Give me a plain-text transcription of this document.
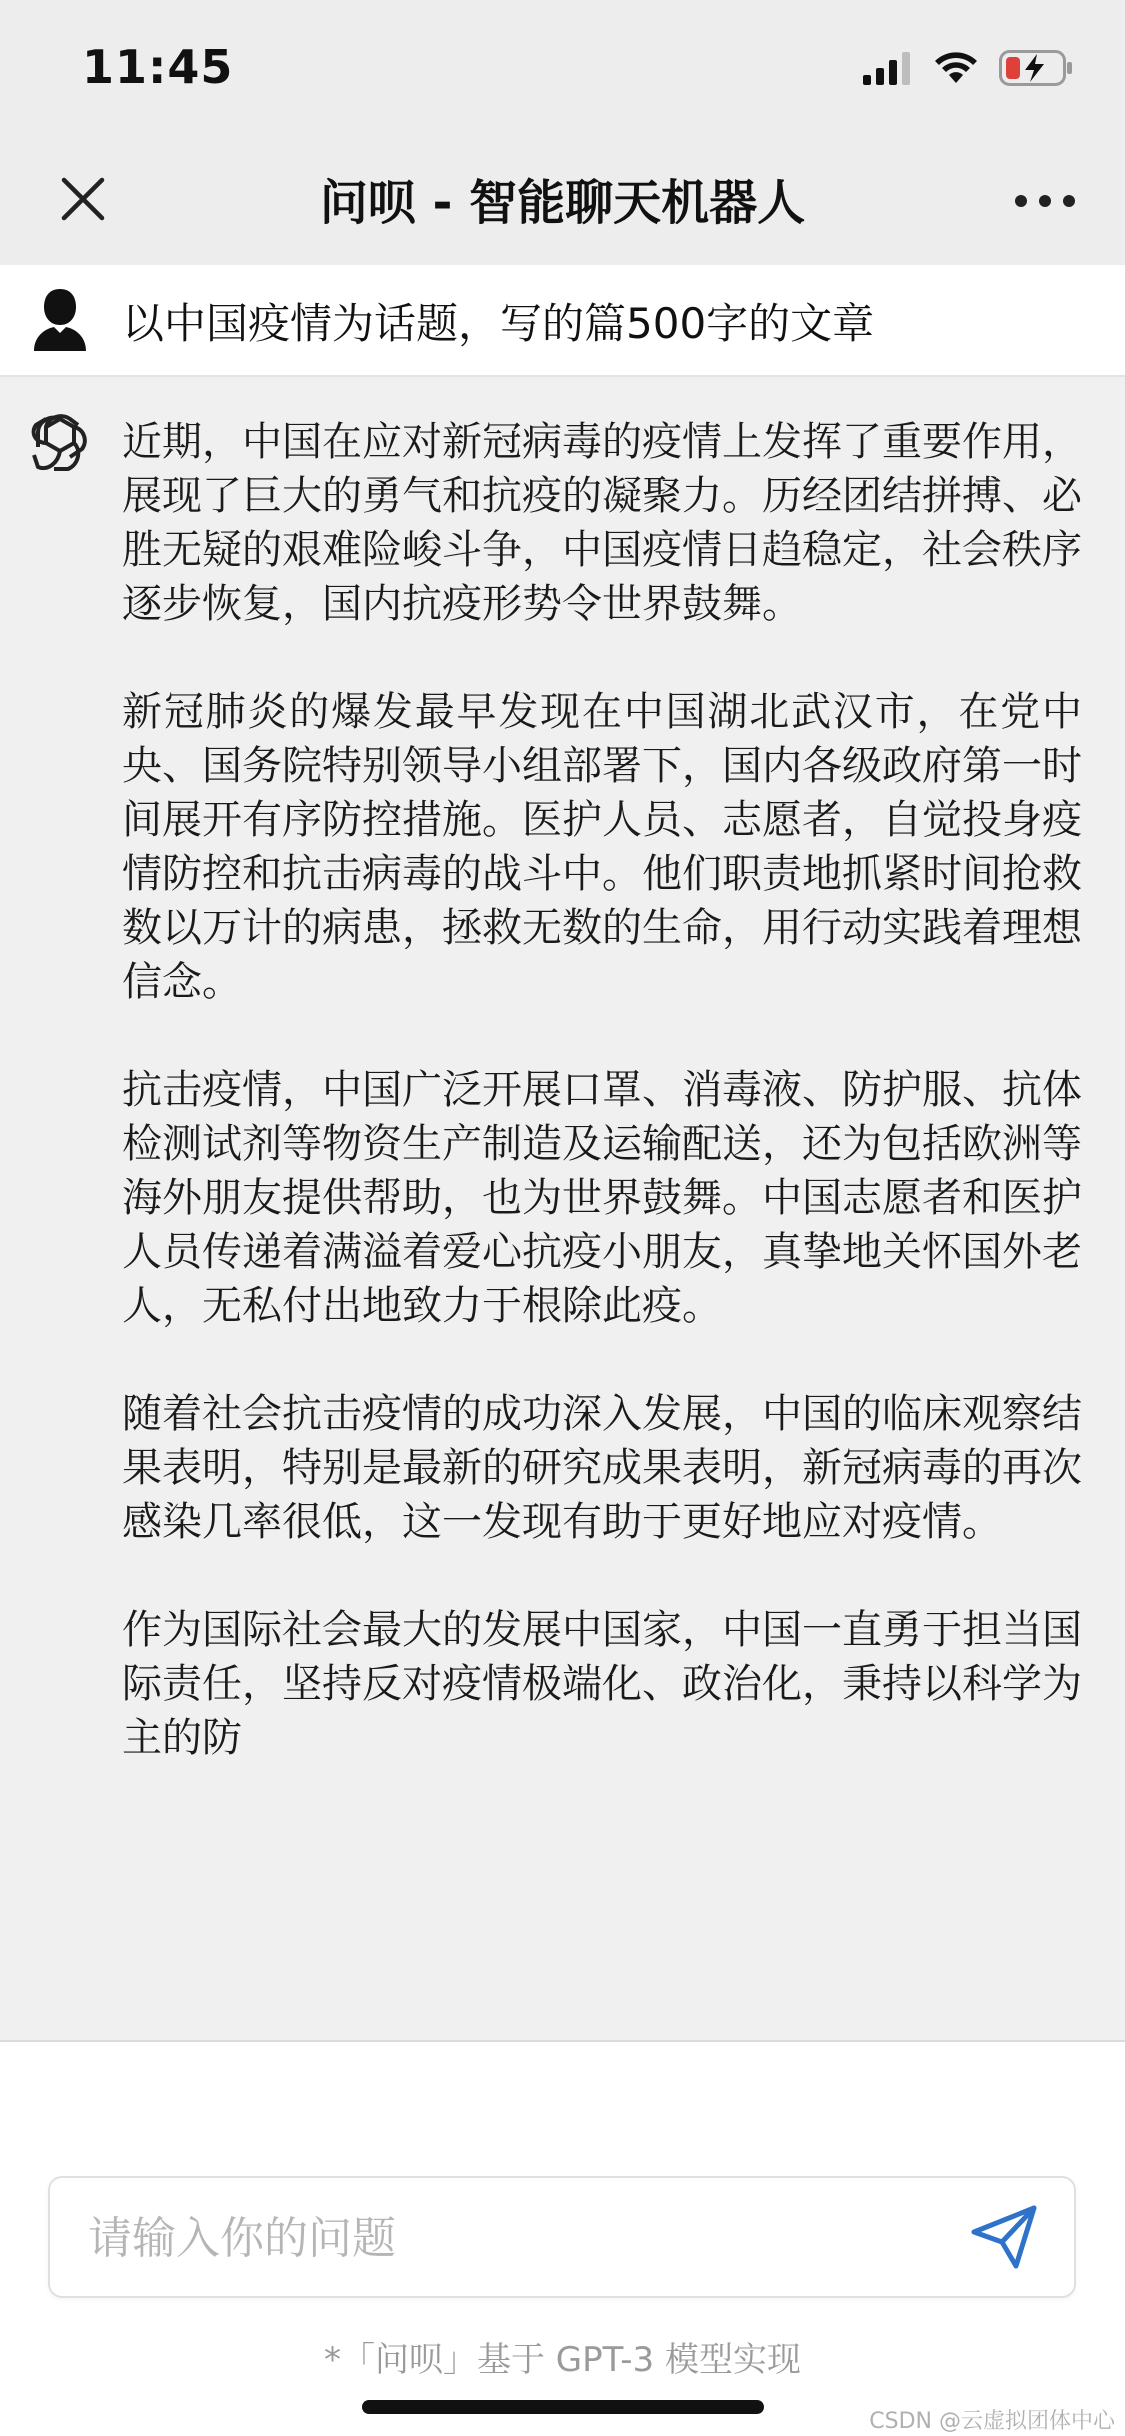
11:45
问呗 - 智能聊天机器人
以中国疫情为话题，写的篇500字的文章

近期，中国在应对新冠病毒的疫情上发挥了重要作用，展现了巨大的勇气和抗疫的凝聚力。历经团结拼搏、必胜无疑的艰难险峻斗争，中国疫情日趋稳定，社会秩序逐步恢复，国内抗疫形势令世界鼓舞。

新冠肺炎的爆发最早发现在中国湖北武汉市，在党中央、国务院特别领导小组部署下，国内各级政府第一时间展开有序防控措施。医护人员、志愿者，自觉投身疫情防控和抗击病毒的战斗中。他们职责地抓紧时间抢救数以万计的病患，拯救无数的生命，用行动实践着理想信念。

抗击疫情，中国广泛开展口罩、消毒液、防护服、抗体检测试剂等物资生产制造及运输配送，还为包括欧洲等海外朋友提供帮助，也为世界鼓舞。中国志愿者和医护人员传递着满溢着爱心抗疫小朋友，真挚地关怀国外老人，无私付出地致力于根除此疫。

随着社会抗击疫情的成功深入发展，中国的临床观察结果表明，特别是最新的研究成果表明，新冠病毒的再次感染几率很低，这一发现有助于更好地应对疫情。

作为国际社会最大的发展中国家，中国一直勇于担当国际责任，坚持反对疫情极端化、政治化，秉持以科学为主的防

请输入你的问题
*「问呗」基于 GPT-3 模型实现
CSDN @云虚拟团体中心
